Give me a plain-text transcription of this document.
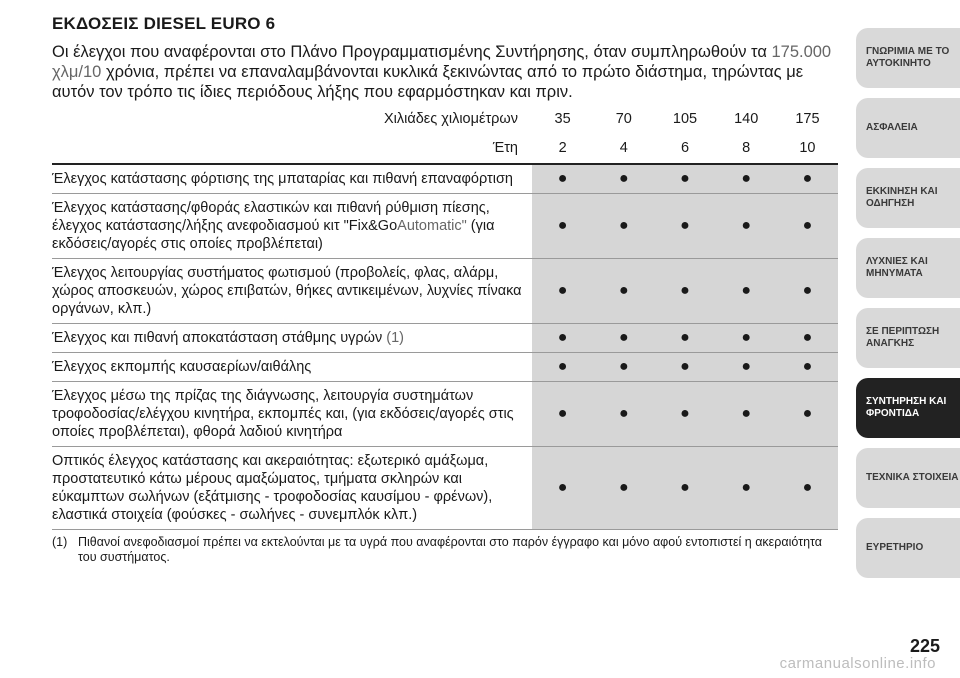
ΕΚΔΟΣΕΙΣ DIESEL EURO 6
Οι έλεγχοι που αναφέρονται στο Πλάνο Προγραμματισμένης Συντήρησης, όταν συμπληρωθούν τα 175.000 χλμ/10 χρόνια, πρέπει να επαναλαμβάνονται κυκλικά ξεκινώντας από το πρώτο διάστημα, τηρώντας με αυτόν τον τρόπο τις ίδιες περιόδους λήξης που εφαρμόστηκαν και πριν.
Χιλιάδες χιλιομέτρων	35	70	105	140	175
Έτη	2	4	6	8	10
Έλεγχος κατάστασης φόρτισης της μπαταρίας και πιθανή επαναφόρτιση	●	●	●	●	●
Έλεγχος κατάστασης/φθοράς ελαστικών και πιθανή ρύθμιση πίεσης, έλεγχος κατάστασης/λήξης ανεφοδιασμού κιτ "Fix&GoAutomatic" (για εκδόσεις/αγορές στις οποίες προβλέπεται)
●	●	●	●	●
Έλεγχος λειτουργίας συστήματος φωτισμού (προβολείς, φλας, αλάρμ, χώρος αποσκευών, χώρος επιβατών, θήκες αντικειμένων, λυχνίες πίνακα οργάνων, κλπ.)
●	●	●	●	●
Έλεγχος και πιθανή αποκατάσταση στάθμης υγρών (1)	●	●	●	●	●
Έλεγχος εκπομπής καυσαερίων/αιθάλης	●	●	●	●	●
Έλεγχος μέσω της πρίζας της διάγνωσης, λειτουργία συστημάτων τροφοδοσίας/ελέγχου κινητήρα, εκπομπές και, (για εκδόσεις/αγορές στις οποίες προβλέπεται), φθορά λαδιού κινητήρα
●	●	●	●	●
Οπτικός έλεγχος κατάστασης και ακεραιότητας: εξωτερικό αμάξωμα, προστατευτικό κάτω μέρους αμαξώματος, τμήματα σκληρών και εύκαμπτων σωλήνων (εξάτμισης - τροφοδοσίας καυσίμου - φρένων), ελαστικά στοιχεία (φούσκες - σωλήνες - συνεμπλόκ κλπ.)
●	●	●	●	●
(1) Πιθανοί ανεφοδιασμοί πρέπει να εκτελούνται με τα υγρά που αναφέρονται στο παρόν έγγραφο και μόνο αφού εντοπιστεί η ακεραιότητα του συστήματος.
ΓΝΩΡΙΜΙΑ ΜΕ ΤΟ ΑΥΤΟΚΙΝΗΤΟ
ΑΣΦΑΛΕΙΑ
ΕΚΚΙΝΗΣΗ ΚΑΙ ΟΔΗΓΗΣΗ
ΛΥΧΝΙΕΣ ΚΑΙ ΜΗΝΥΜΑΤΑ
ΣΕ ΠΕΡΙΠΤΩΣΗ ΑΝΑΓΚΗΣ
ΣΥΝΤΗΡΗΣΗ ΚΑΙ ΦΡΟΝΤΙΔΑ
ΤΕΧΝΙΚΑ ΣΤΟΙΧΕΙΑ
ΕΥΡΕΤΗΡΙΟ
225
carmanualsonline.info
